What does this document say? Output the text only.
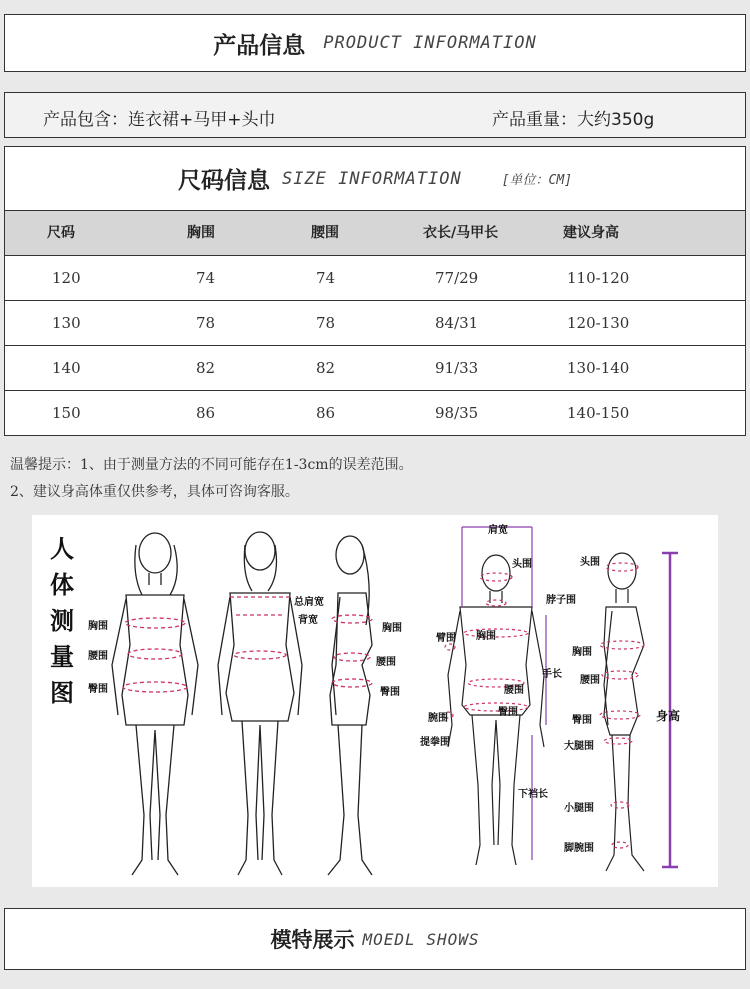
产品信息 PRODUCT INFORMATION
产品包含：连衣裙+马甲+头巾	产品重量：大约350g
尺码信息 SIZE INFORMATION	[单位：CM]
尺码	胸围	腰围	衣长/马甲长	建议身高
120	74	74	77/29	110-120
130	78	78	84/31	120-130
140	82	82	91/33	130-140
150	86	86	98/35	140-150
温馨提示：1、由于测量方法的不同可能存在1-3cm的误差范围。
2、建议身高体重仅供参考，具体可咨询客服。
人
体
测
量
图
胸围
腰围
臀围
总肩宽
背宽
胸围
腰围
臀围
肩宽
头围
脖子围
臂围 胸围
手长
腰围
臀围
腕围
提拳围
下裆长
头围
胸围
腰围
臀围
大腿围
身高
小腿围
脚腕围
模特展示 MOEDL SHOWS
